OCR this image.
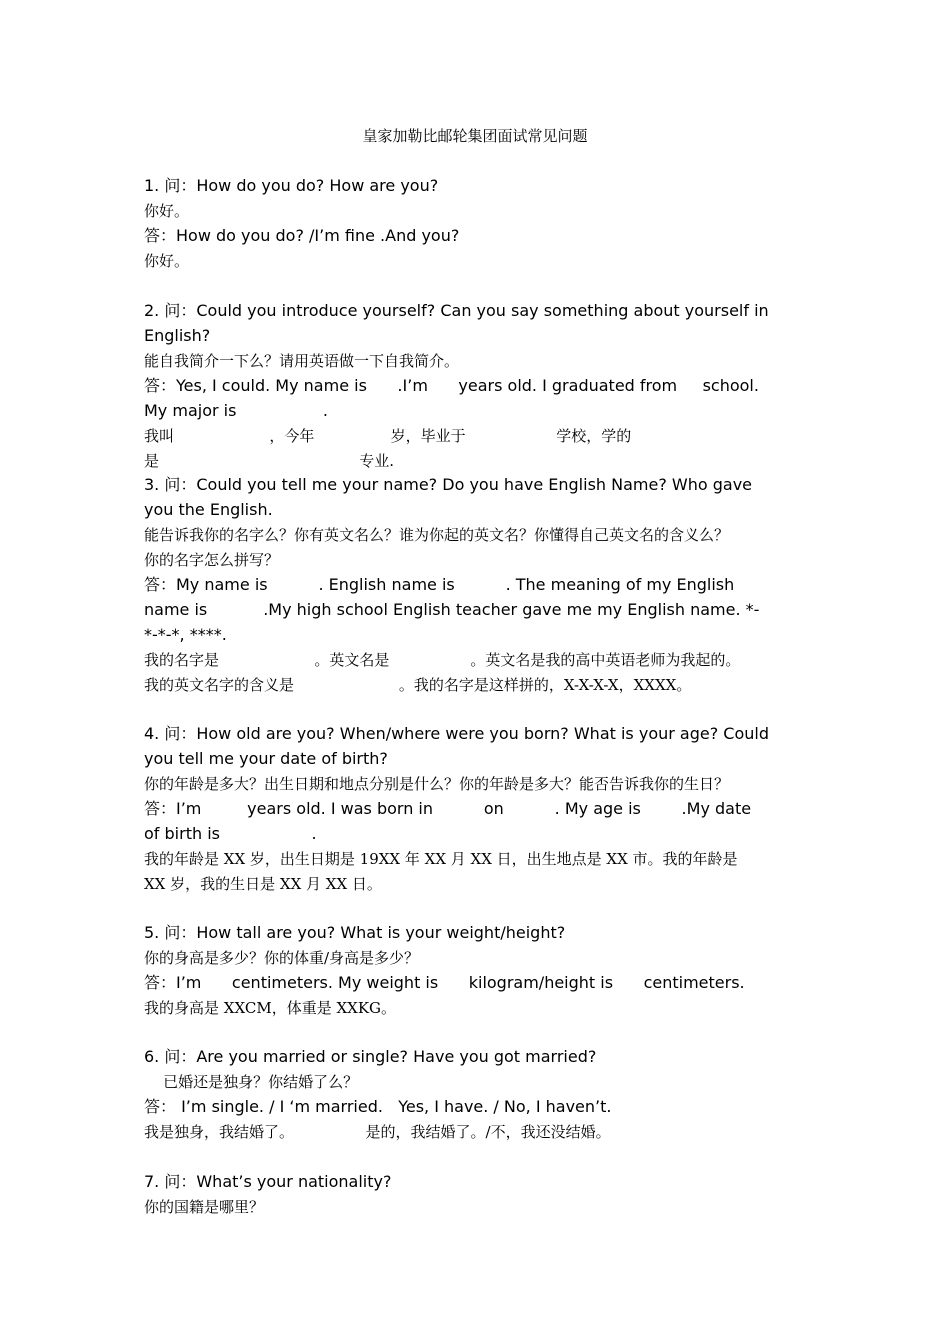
皇家加勒比邮轮集团面试常见问题
1. 问：How do you do? How are you?
你好。
答：How do you do? /I’m fine .And you?
你好。
2. 问：Could you introduce yourself? Can you say something about yourself in
English?
能自我简介一下么？请用英语做一下自我简介。
答：Yes, I could. My name is      .I’m      years old. I graduated from     school.
My major is                 .
我叫                    ，今年                岁，毕业于                   学校，学的
是                                          专业.
3. 问：Could you tell me your name? Do you have English Name? Who gave
you the English.
能告诉我你的名字么？你有英文名么？谁为你起的英文名？你懂得自己英文名的含义么？
你的名字怎么拼写？
答：My name is          . English name is          . The meaning of my English
name is           .My high school English teacher gave me my English name. *-
*-*-*, ****.
我的名字是                    。英文名是                 。英文名是我的高中英语老师为我起的。
我的英文名字的含义是                      。我的名字是这样拼的，X-X-X-X，XXXX。
4. 问：How old are you? When/where were you born? What is your age? Could
you tell me your date of birth?
你的年龄是多大？出生日期和地点分别是什么？你的年龄是多大？能否告诉我你的生日？
答：I’m         years old. I was born in          on          . My age is        .My date
of birth is                  .
我的年龄是 XX 岁，出生日期是 19XX 年 XX 月 XX 日，出生地点是 XX 市。我的年龄是
XX 岁，我的生日是 XX 月 XX 日。
5. 问：How tall are you? What is your weight/height?
你的身高是多少？你的体重/身高是多少？
答：I’m      centimeters. My weight is      kilogram/height is      centimeters.
我的身高是 XXCM，体重是 XXKG。
6. 问：Are you married or single? Have you got married?
已婚还是独身？你结婚了么？
答： I’m single. / I ‘m married.   Yes, I have. / No, I haven’t.
我是独身，我结婚了。               是的，我结婚了。/不，我还没结婚。
7. 问：What’s your nationality?
你的国籍是哪里？
